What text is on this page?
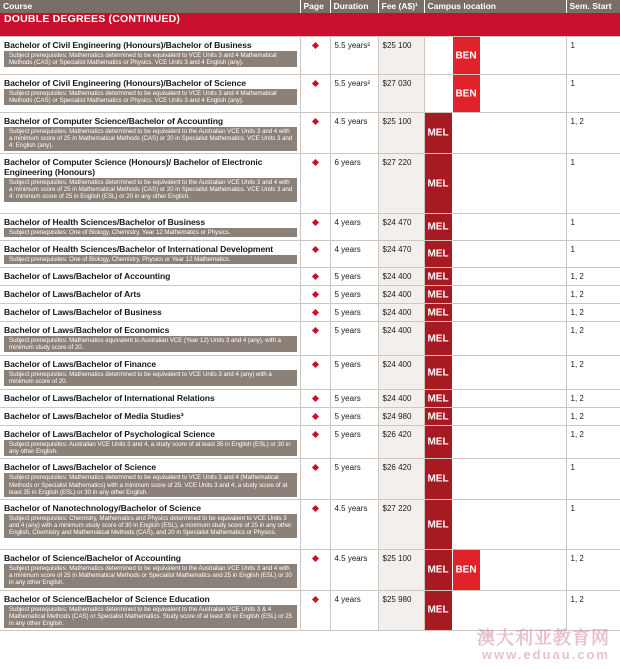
Course	Page	Duration	Fee (A$)¹	Campus location			Sem. Start
DOUBLE DEGREES (CONTINUED)							

Bachelor of Civil Engineering (Honours)/Bachelor of Business
Subject prerequisites: Mathematics determined to be equivalent to VCE Units 3 and 4 Mathematical Methods (CAS) or Specialist Mathematics or Physics. VCE Units 3 and 4 English (any).		5.5 years²	$25 100		BEN		1

Bachelor of Civil Engineering (Honours)/Bachelor of Science
Subject prerequisites: Mathematics determined to be equivalent to VCE Units 3 and 4 Mathematical Methods (CAS) or Specialist Mathematics or Physics. VCE Units 3 and 4 English (any).		5.5 years²	$27 030		BEN		1

Bachelor of Computer Science/Bachelor of Accounting
Subject prerequisites: Mathematics determined to be equivalent to the Australian VCE Units 3 and 4 with a minimum score of 25 in Mathematical Methods (CAS) or 20 in Specialist Mathematics. VCE Units 3 and 4: English (any).		4.5 years	$25 100	MEL			1, 2

Bachelor of Computer Science (Honours)/ Bachelor of Electronic Engineering (Honours)
Subject prerequisites: Mathematics determined to be equivalent to the Australian VCE Units 3 and 4 with a minimum score of 25 in Mathematical Methods (CAS) or 20 in Specialist Mathematics. VCE Units 3 and 4: minimum score of 25 in English (ESL) or 20 in any other English.		6 years	$27 220	MEL			1

Bachelor of Health Sciences/Bachelor of Business
Subject prerequisites: One of Biology, Chemistry, Year 12 Mathematics or Physics.		4 years	$24 470	MEL			1

Bachelor of Health Sciences/Bachelor of International Development
Subject prerequisites: One of Biology, Chemistry, Physics or Year 12 Mathematics.		4 years	$24 470	MEL			1

Bachelor of Laws/Bachelor of Accounting		5 years	$24 400	MEL			1, 2

Bachelor of Laws/Bachelor of Arts		5 years	$24 400	MEL			1, 2

Bachelor of Laws/Bachelor of Business		5 years	$24 400	MEL			1, 2

Bachelor of Laws/Bachelor of Economics
Subject prerequisites: Mathematics equivalent to Australian VCE (Year 12) Units 3 and 4 (any), with a minimum study score of 20.		5 years	$24 400	MEL			1, 2

Bachelor of Laws/Bachelor of Finance
Subject prerequisites: Mathematics determined to be equivalent to VCE Units 3 and 4 (any) with a minimum score of 20.		5 years	$24 400	MEL			1, 2

Bachelor of Laws/Bachelor of International Relations		5 years	$24 400	MEL			1, 2

Bachelor of Laws/Bachelor of Media Studies³		5 years	$24 980	MEL			1, 2

Bachelor of Laws/Bachelor of Psychological Science
Subject prerequisites: Australian VCE Units 3 and 4, a study score of at least 35 in English (ESL) or 30 in any other English.		5 years	$26 420	MEL			1, 2

Bachelor of Laws/Bachelor of Science
Subject prerequisites: Mathematics determined to be equivalent to VCE Units 3 and 4 (Mathematical Methods or Specialist Mathematics) with a minimum score of 25. VCE Units 3 and 4, a study score of at least 35 in English (ESL) or 30 in any other English.		5 years	$26 420	MEL			1

Bachelor of Nanotechnology/Bachelor of Science
Subject prerequisites: Chemistry, Mathematics and Physics determined to be equivalent to VCE Units 3 and 4 (any) with a minimum study score of 30 in English (ESL), a minimum study score of 25 in any other English, Chemistry and Mathematical Methods (CAS), and 20 in Specialist Mathematics or Physics.		4.5 years	$27 220	MEL			1

Bachelor of Science/Bachelor of Accounting
Subject prerequisites: Mathematics determined to be equivalent to the Australian VCE Units 3 and 4 with a minimum score of 25 in Mathematical Methods or Specialist Mathematics and 25 in English (ESL) or 20 in any other English.		4.5 years	$25 100	MEL	BEN		1, 2

Bachelor of Science/Bachelor of Science Education
Subject prerequisites: Mathematics determined to be equivalent to the Australian VCE Units 3 & 4 Mathematical Methods (CAS) or Specialist Mathematics. Study score of at least 30 in English (ESL) or 25 in any other English.		4 years	$25 980	MEL			1, 2
澳大利亚教育网
www.eduau.com
